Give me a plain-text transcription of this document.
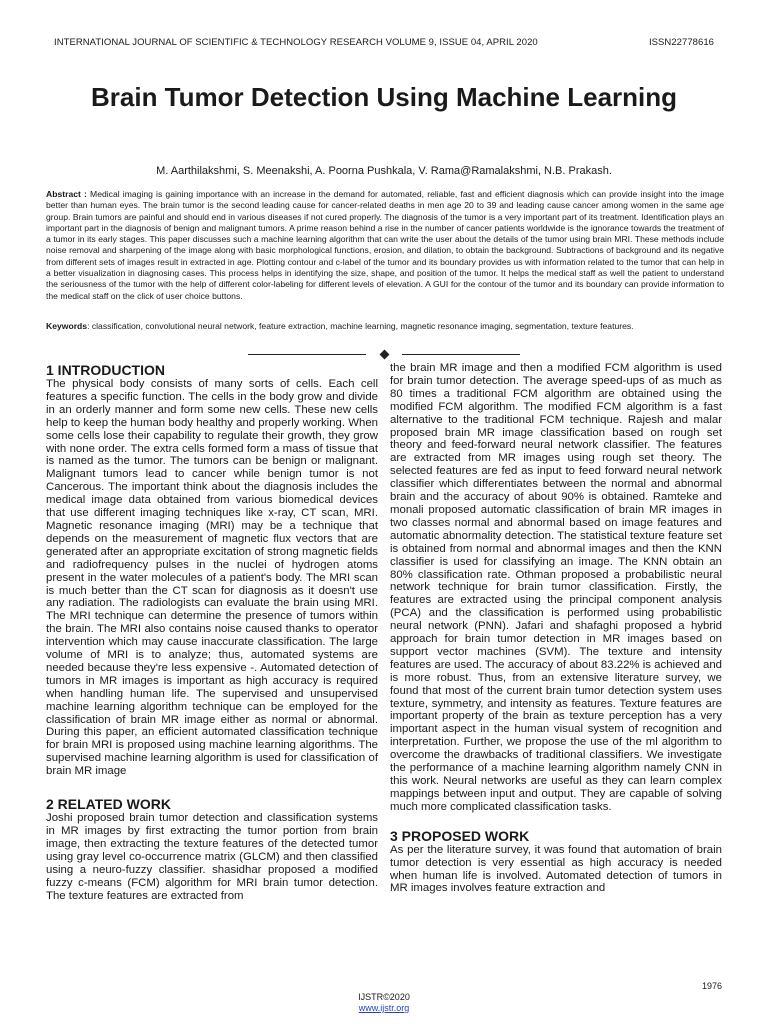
INTERNATIONAL JOURNAL OF SCIENTIFIC & TECHNOLOGY RESEARCH VOLUME 9, ISSUE 04, APRIL 2020	ISSN22778616
Brain Tumor Detection Using Machine Learning
M. Aarthilakshmi, S. Meenakshi, A. Poorna Pushkala, V. Rama@Ramalakshmi, N.B. Prakash.

Abstract : Medical imaging is gaining importance with an increase in the demand for automated, reliable, fast and efficient diagnosis which can provide insight into the image better than human eyes. The brain tumor is the second leading cause for cancer-related deaths in men age 20 to 39 and leading cause cancer among women in the same age group. Brain tumors are painful and should end in various diseases if not cured properly. The diagnosis of the tumor is a very important part of its treatment. Identification plays an important part in the diagnosis of benign and malignant tumors. A prime reason behind a rise in the number of cancer patients worldwide is the ignorance towards the treatment of a tumor in its early stages. This paper discusses such a machine learning algorithm that can write the user about the details of the tumor using brain MRI. These methods include noise removal and sharpening of the image along with basic morphological functions, erosion, and dilation, to obtain the background. Subtractions of background and its negative from different sets of images result in extracted in age. Plotting contour and c-label of the tumor and its boundary provides us with information related to the tumor that can help in a better visualization in diagnosing cases. This process helps in identifying the size, shape, and position of the tumor. It helps the medical staff as well the patient to understand the seriousness of the tumor with the help of different color-labeling for different levels of elevation. A GUI for the contour of the tumor and its boundary can provide information to the medical staff on the click of user choice buttons.

Keywords: classification, convolutional neural network, feature extraction, machine learning, magnetic resonance imaging, segmentation, texture features.

1 INTRODUCTION

The physical body consists of many sorts of cells. Each cell features a specific function. The cells in the body grow and divide in an orderly manner and form some new cells. These new cells help to keep the human body healthy and properly working. When some cells lose their capability to regulate their growth, they grow with none order. The extra cells formed form a mass of tissue that is named as the tumor. The tumors can be benign or malignant. Malignant tumors lead to cancer while benign tumor is not Cancerous. The important think about the diagnosis includes the medical image data obtained from various biomedical devices that use different imaging techniques like x-ray, CT scan, MRI. Magnetic resonance imaging (MRI) may be a technique that depends on the measurement of magnetic flux vectors that are generated after an appropriate excitation of strong magnetic fields and radiofrequency pulses in the nuclei of hydrogen atoms present in the water molecules of a patient's body. The MRI scan is much better than the CT scan for diagnosis as it doesn't use any radiation. The radiologists can evaluate the brain using MRI. The MRI technique can determine the presence of tumors within the brain. The MRI also contains noise caused thanks to operator intervention which may cause inaccurate classification. The large volume of MRI is to analyze; thus, automated systems are needed because they're less expensive -. Automated detection of tumors in MR images is important as high accuracy is required when handling human life. The supervised and unsupervised machine learning algorithm technique can be employed for the classification of brain MR image either as normal or abnormal. During this paper, an efficient automated classification technique for brain MRI is proposed using machine learning algorithms. The supervised machine learning algorithm is used for classification of brain MR image

2 RELATED WORK

Joshi proposed brain tumor detection and classification systems in MR images by first extracting the tumor portion from brain image, then extracting the texture features of the detected tumor using gray level co-occurrence matrix (GLCM) and then classified using a neuro-fuzzy classifier. shasidhar proposed a modified fuzzy c-means (FCM) algorithm for MRI brain tumor detection. The texture features are extracted from

the brain MR image and then a modified FCM algorithm is used for brain tumor detection. The average speed-ups of as much as 80 times a traditional FCM algorithm are obtained using the modified FCM algorithm. The modified FCM algorithm is a fast alternative to the traditional FCM technique. Rajesh and malar proposed brain MR image classification based on rough set theory and feed-forward neural network classifier. The features are extracted from MR images using rough set theory. The selected features are fed as input to feed forward neural network classifier which differentiates between the normal and abnormal brain and the accuracy of about 90% is obtained. Ramteke and monali proposed automatic classification of brain MR images in two classes normal and abnormal based on image features and automatic abnormality detection. The statistical texture feature set is obtained from normal and abnormal images and then the KNN classifier is used for classifying an image. The KNN obtain an 80% classification rate. Othman proposed a probabilistic neural network technique for brain tumor classification. Firstly, the features are extracted using the principal component analysis (PCA) and the classification is performed using probabilistic neural network (PNN). Jafari and shafaghi proposed a hybrid approach for brain tumor detection in MR images based on support vector machines (SVM). The texture and intensity features are used. The accuracy of about 83.22% is achieved and is more robust. Thus, from an extensive literature survey, we found that most of the current brain tumor detection system uses texture, symmetry, and intensity as features. Texture features are important property of the brain as texture perception has a very important aspect in the human visual system of recognition and interpretation. Further, we propose the use of the ml algorithm to overcome the drawbacks of traditional classifiers. We investigate the performance of a machine learning algorithm namely CNN in this work. Neural networks are useful as they can learn complex mappings between input and output. They are capable of solving much more complicated classification tasks.

3 PROPOSED WORK

As per the literature survey, it was found that automation of brain tumor detection is very essential as high accuracy is needed when human life is involved. Automated detection of tumors in MR images involves feature extraction and

1976
IJSTR©2020
www.ijstr.org
